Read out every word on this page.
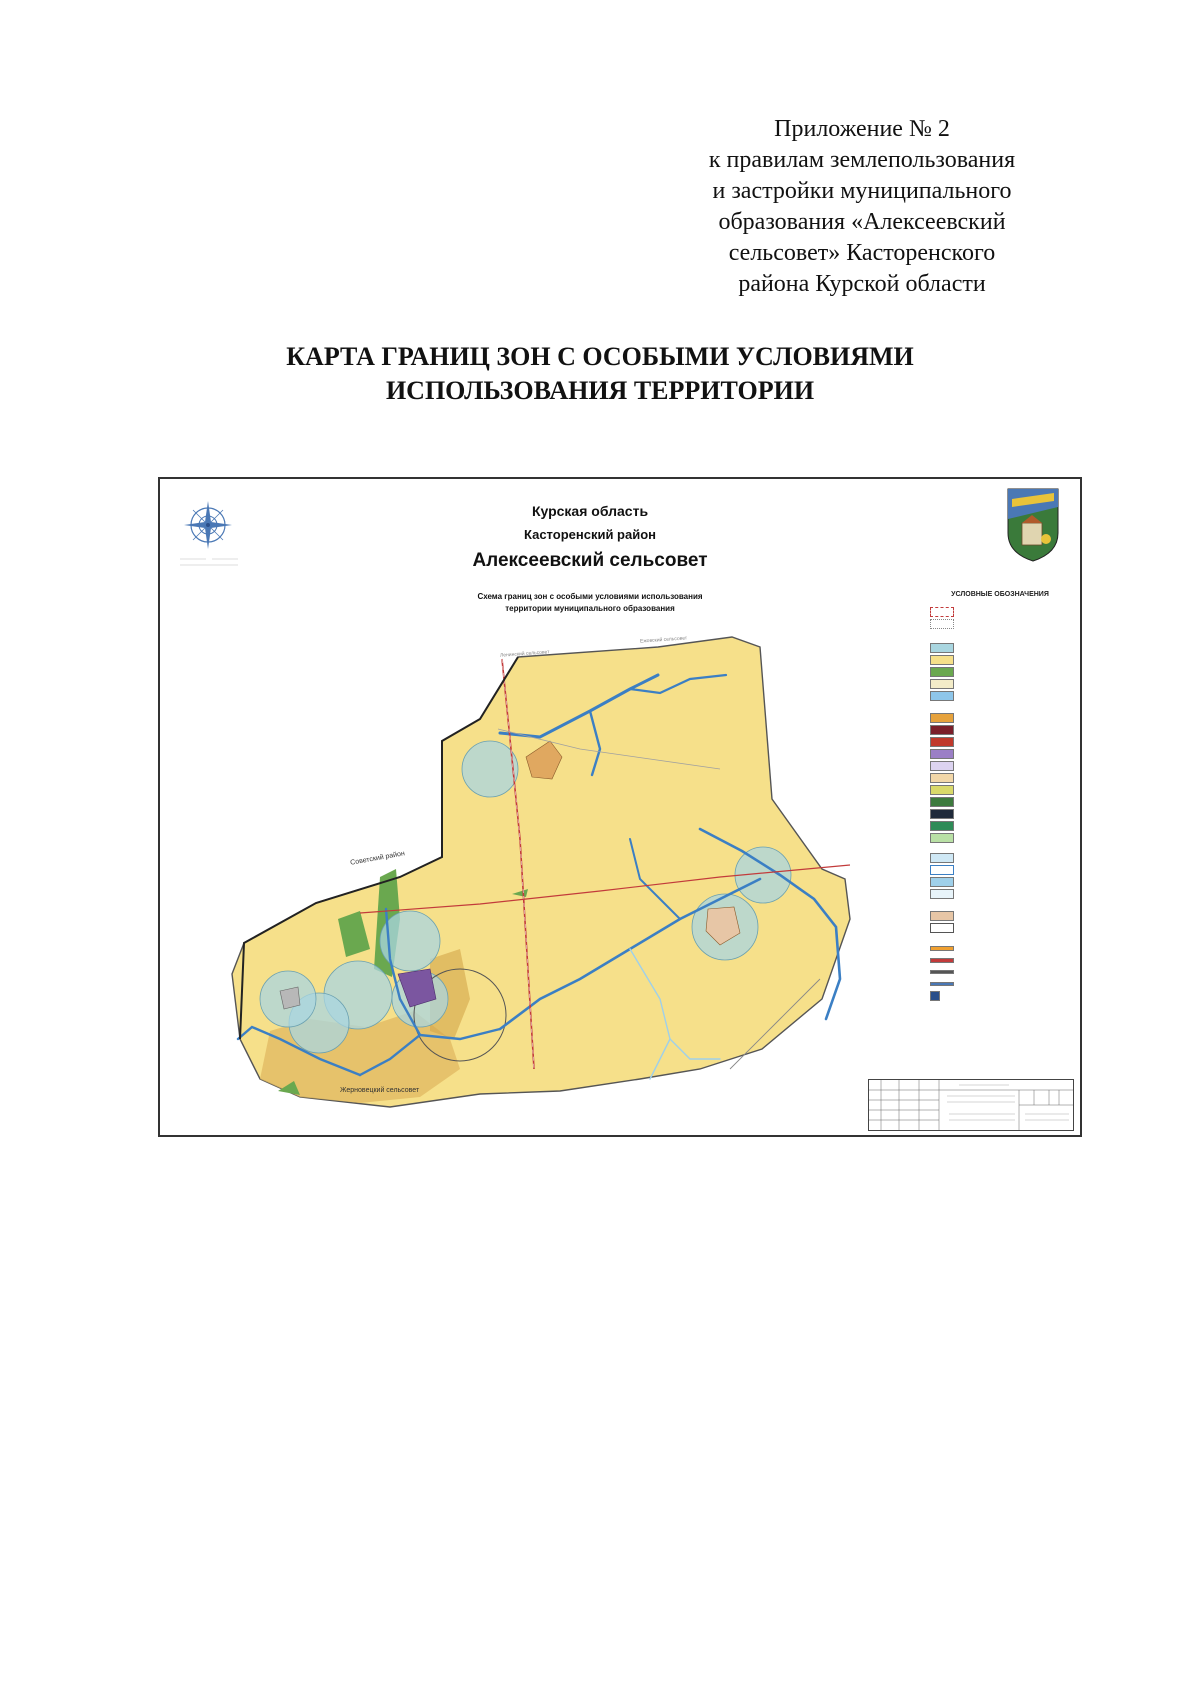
Приложение № 2
к правилам землепользования
и застройки муниципального
образования «Алексеевский
сельсовет» Касторенского
района Курской области
КАРТА ГРАНИЦ ЗОН С ОСОБЫМИ УСЛОВИЯМИ
ИСПОЛЬЗОВАНИЯ ТЕРРИТОРИИ
Курская область
Касторенский район
Алексеевский сельсовет
Схема границ зон с особыми условиями использования
территории муниципального образования
Советский район
Жерновецкий сельсовет
Ленинский сельсовет
Ежовский сельсовет
УСЛОВНЫЕ ОБОЗНАЧЕНИЯ
